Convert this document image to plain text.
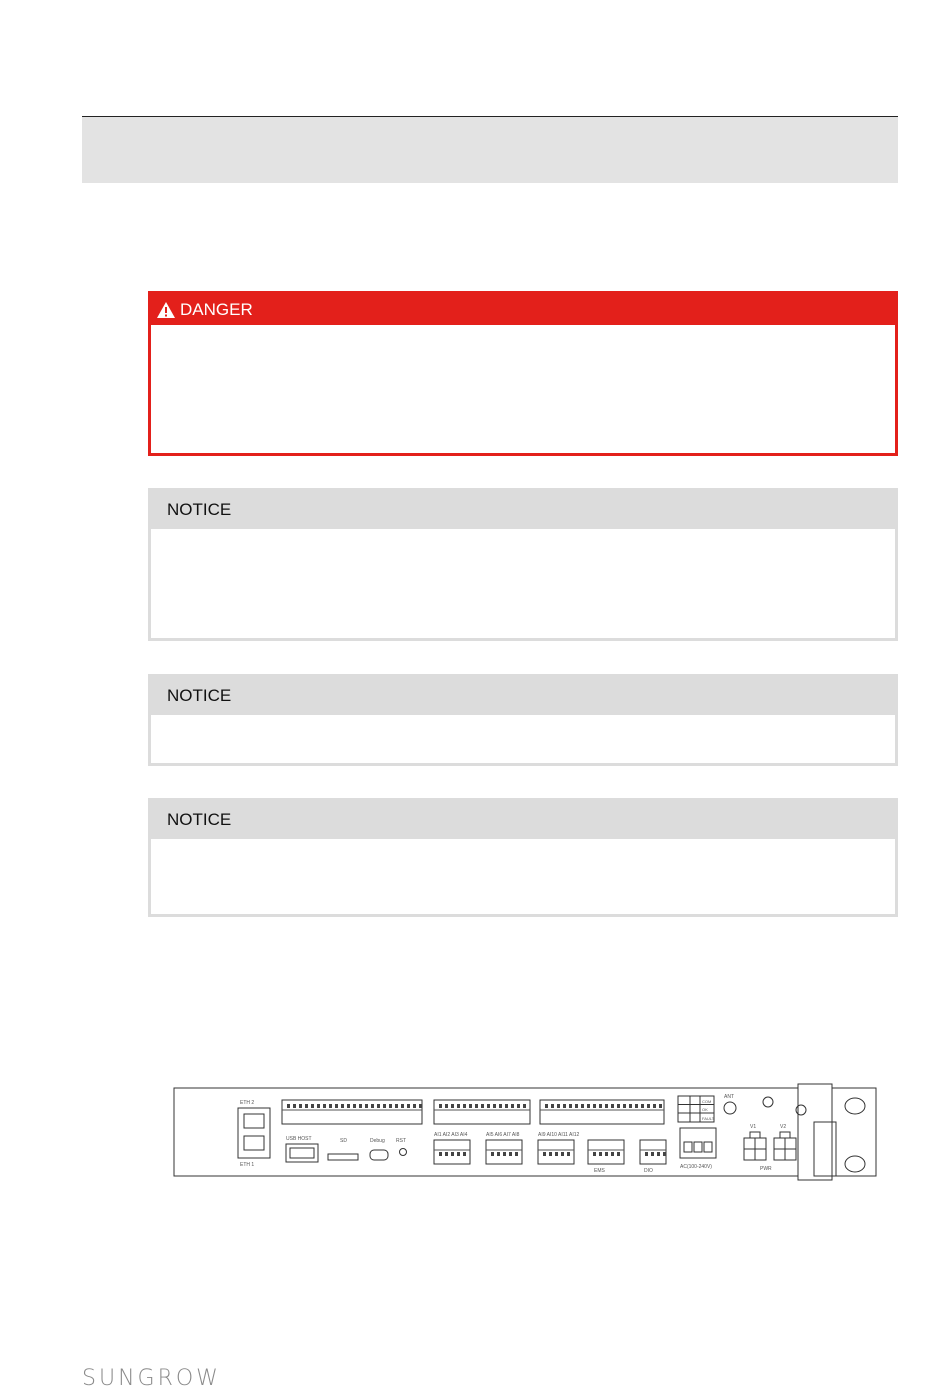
DANGER
NOTICE
NOTICE
NOTICE
ETH 2
ETH 1
USB HOST	SD	Debug RST
AI1 AI2 AI3 AI4	AI5 AI6 AI7 AI8	AI9 AI10 AI11 AI12
EMS	DIO
AC(100-240V)	PWR
ANT
V1	V2
COM
OK
FAULT
SUNGROW
